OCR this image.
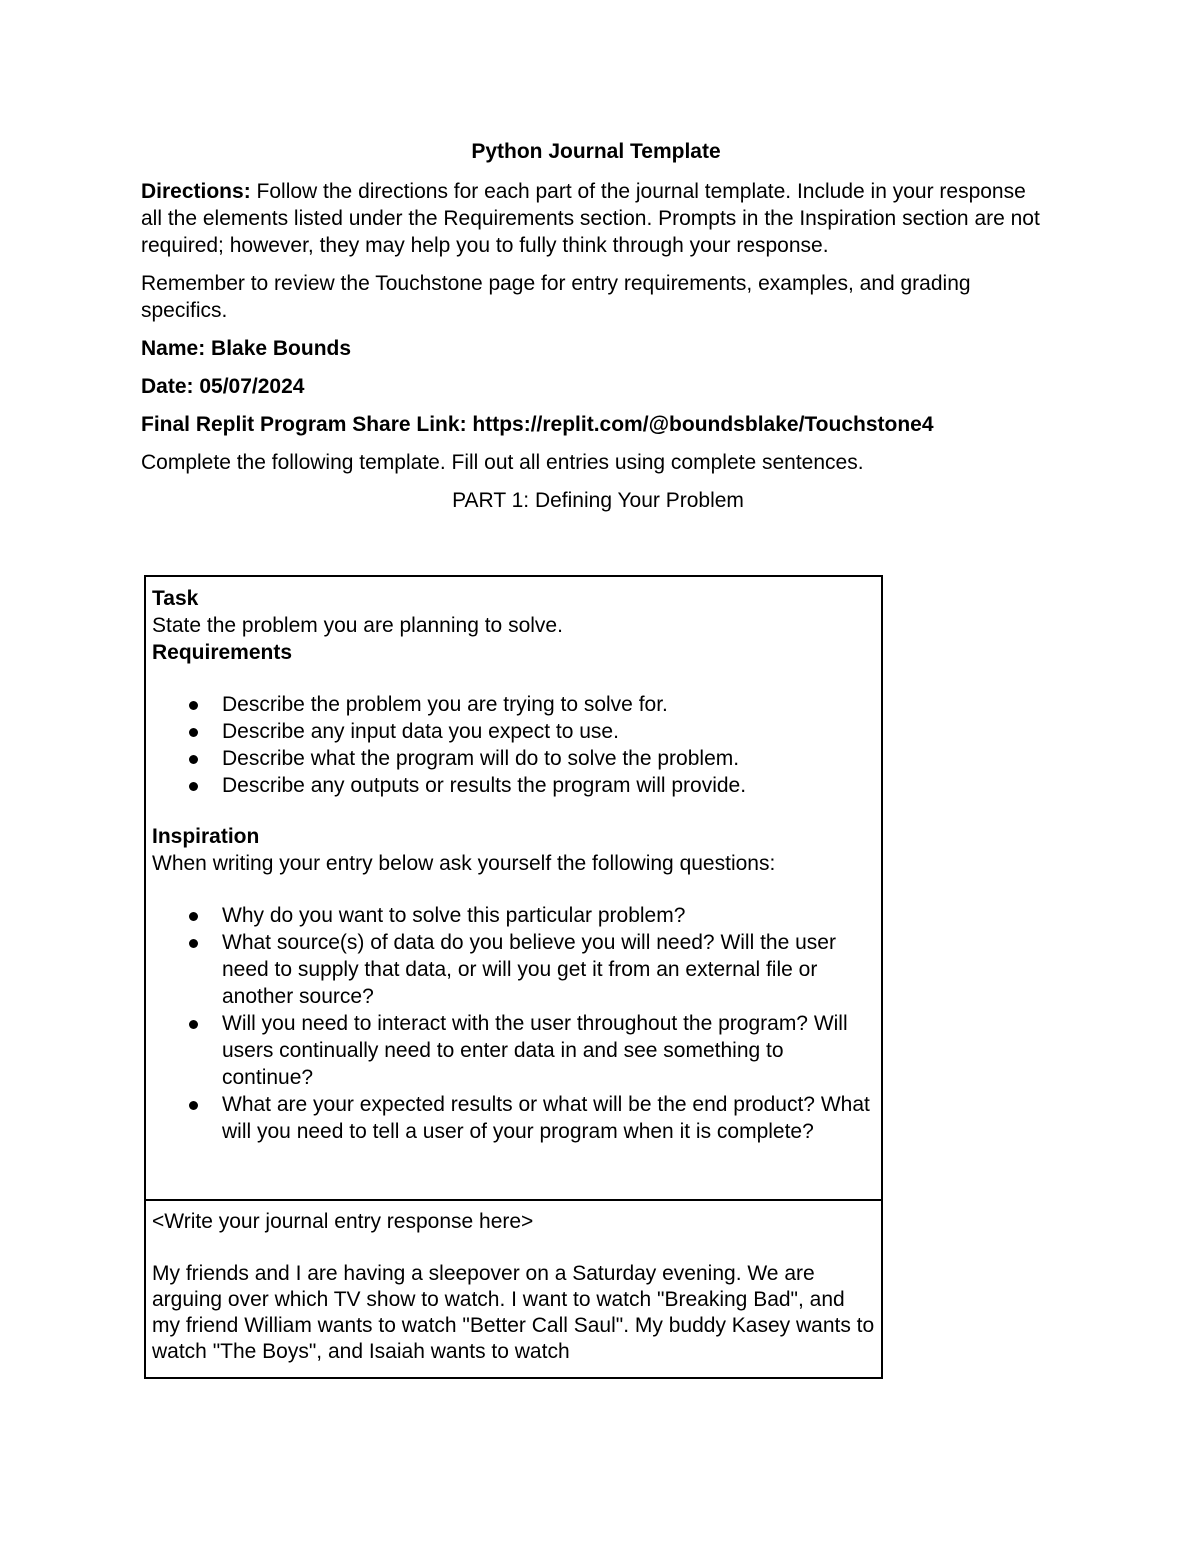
Python Journal Template

Directions: Follow the directions for each part of the journal template. Include in your response all the elements listed under the Requirements section. Prompts in the Inspiration section are not required; however, they may help you to fully think through your response.

Remember to review the Touchstone page for entry requirements, examples, and grading specifics.

Name: Blake Bounds

Date: 05/07/2024

Final Replit Program Share Link: https://replit.com/@boundsblake/Touchstone4

Complete the following template. Fill out all entries using complete sentences.

PART 1: Defining Your Problem
Task
State the problem you are planning to solve.
Requirements
Describe the problem you are trying to solve for.
Describe any input data you expect to use.
Describe what the program will do to solve the problem.
Describe any outputs or results the program will provide.
Inspiration
When writing your entry below ask yourself the following questions:
Why do you want to solve this particular problem?
What source(s) of data do you believe you will need? Will the user need to supply that data, or will you get it from an external file or another source?
Will you need to interact with the user throughout the program? Will users continually need to enter data in and see something to continue?
What are your expected results or what will be the end product? What will you need to tell a user of your program when it is complete?

<Write your journal entry response here>
My friends and I are having a sleepover on a Saturday evening. We are arguing over which TV show to watch. I want to watch "Breaking Bad", and my friend William wants to watch "Better Call Saul". My buddy Kasey wants to watch "The Boys", and Isaiah wants to watch
